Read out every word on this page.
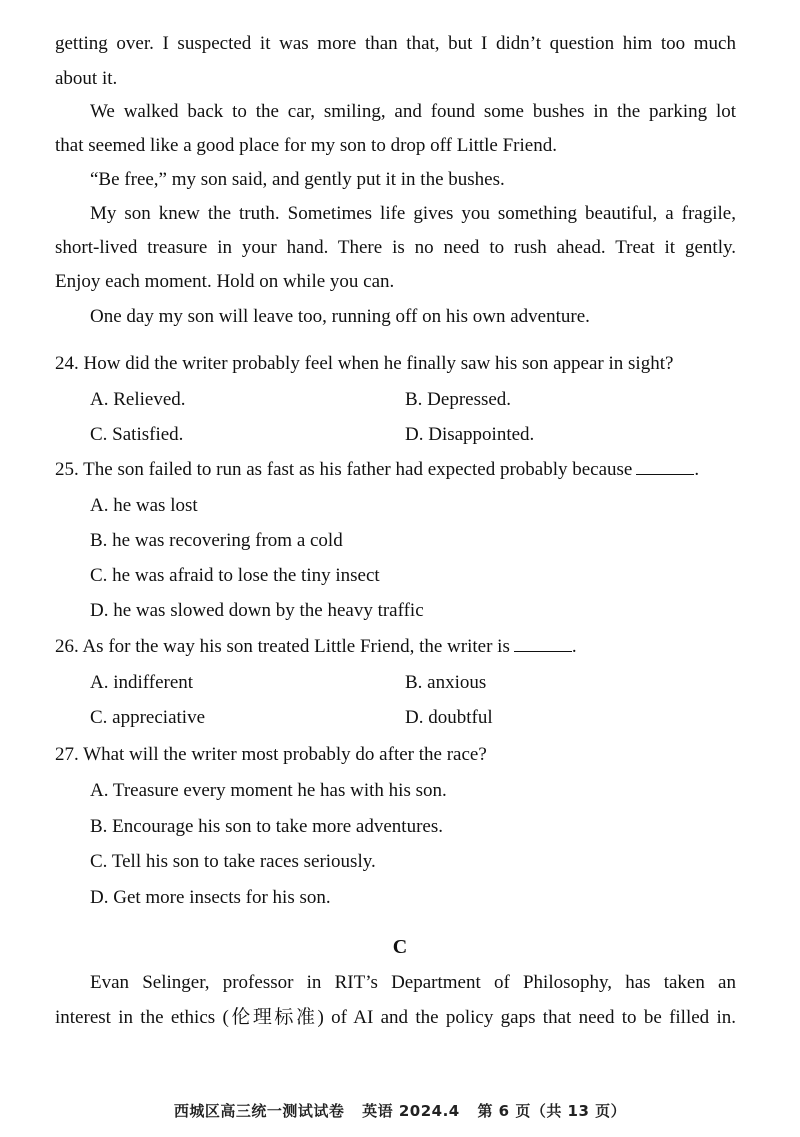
getting over. I suspected it was more than that, but I didn’t question him too much
about it.
We walked back to the car, smiling, and found some bushes in the parking lot
that seemed like a good place for my son to drop off Little Friend.
“Be free,” my son said, and gently put it in the bushes.
My son knew the truth. Sometimes life gives you something beautiful, a fragile,
short-lived treasure in your hand. There is no need to rush ahead. Treat it gently.
Enjoy each moment. Hold on while you can.
One day my son will leave too, running off on his own adventure.
24. How did the writer probably feel when he finally saw his son appear in sight?
A. Relieved.	B. Depressed.
C. Satisfied.	D. Disappointed.
25. The son failed to run as fast as his father had expected probably because	.
A. he was lost
B. he was recovering from a cold
C. he was afraid to lose the tiny insect
D. he was slowed down by the heavy traffic
26. As for the way his son treated Little Friend, the writer is	.
A. indifferent	B. anxious
C. appreciative	D. doubtful
27. What will the writer most probably do after the race?
A. Treasure every moment he has with his son.
B. Encourage his son to take more adventures.
C. Tell his son to take races seriously.
D. Get more insects for his son.
C
Evan Selinger, professor in RIT’s Department of Philosophy, has taken an
interest in the ethics (伦理标准) of AI and the policy gaps that need to be filled in.
西城区高三统一测试试卷 英语 2024.4 第 6 页（共 13 页）
